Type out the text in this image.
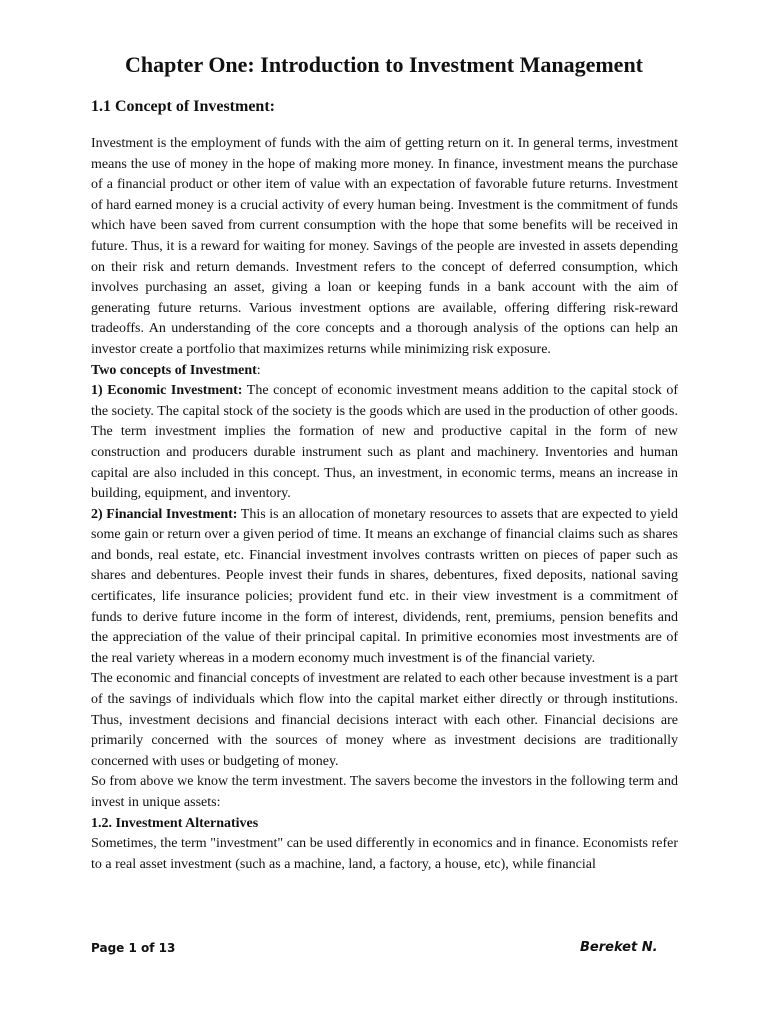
Chapter One: Introduction to Investment Management
1.1 Concept of Investment:

Investment is the employment of funds with the aim of getting return on it. In general terms, investment means the use of money in the hope of making more money. In finance, investment means the purchase of a financial product or other item of value with an expectation of favorable future returns. Investment of hard earned money is a crucial activity of every human being. Investment is the commitment of funds which have been saved from current consumption with the hope that some benefits will be received in future. Thus, it is a reward for waiting for money. Savings of the people are invested in assets depending on their risk and return demands. Investment refers to the concept of deferred consumption, which involves purchasing an asset, giving a loan or keeping funds in a bank account with the aim of generating future returns. Various investment options are available, offering differing risk-reward tradeoffs. An understanding of the core concepts and a thorough analysis of the options can help an investor create a portfolio that maximizes returns while minimizing risk exposure.

Two concepts of Investment:

1) Economic Investment: The concept of economic investment means addition to the capital stock of the society. The capital stock of the society is the goods which are used in the production of other goods. The term investment implies the formation of new and productive capital in the form of new construction and producers durable instrument such as plant and machinery. Inventories and human capital are also included in this concept. Thus, an investment, in economic terms, means an increase in building, equipment, and inventory.

2) Financial Investment: This is an allocation of monetary resources to assets that are expected to yield some gain or return over a given period of time. It means an exchange of financial claims such as shares and bonds, real estate, etc. Financial investment involves contrasts written on pieces of paper such as shares and debentures. People invest their funds in shares, debentures, fixed deposits, national saving certificates, life insurance policies; provident fund etc. in their view investment is a commitment of funds to derive future income in the form of interest, dividends, rent, premiums, pension benefits and the appreciation of the value of their principal capital. In primitive economies most investments are of the real variety whereas in a modern economy much investment is of the financial variety.

The economic and financial concepts of investment are related to each other because investment is a part of the savings of individuals which flow into the capital market either directly or through institutions. Thus, investment decisions and financial decisions interact with each other. Financial decisions are primarily concerned with the sources of money where as investment decisions are traditionally concerned with uses or budgeting of money.

So from above we know the term investment. The savers become the investors in the following term and invest in unique assets:

1.2. Investment Alternatives

Sometimes, the term "investment" can be used differently in economics and in finance. Economists refer to a real asset investment (such as a machine, land, a factory, a house, etc), while financial

Page 1 of 13	Bereket N.
